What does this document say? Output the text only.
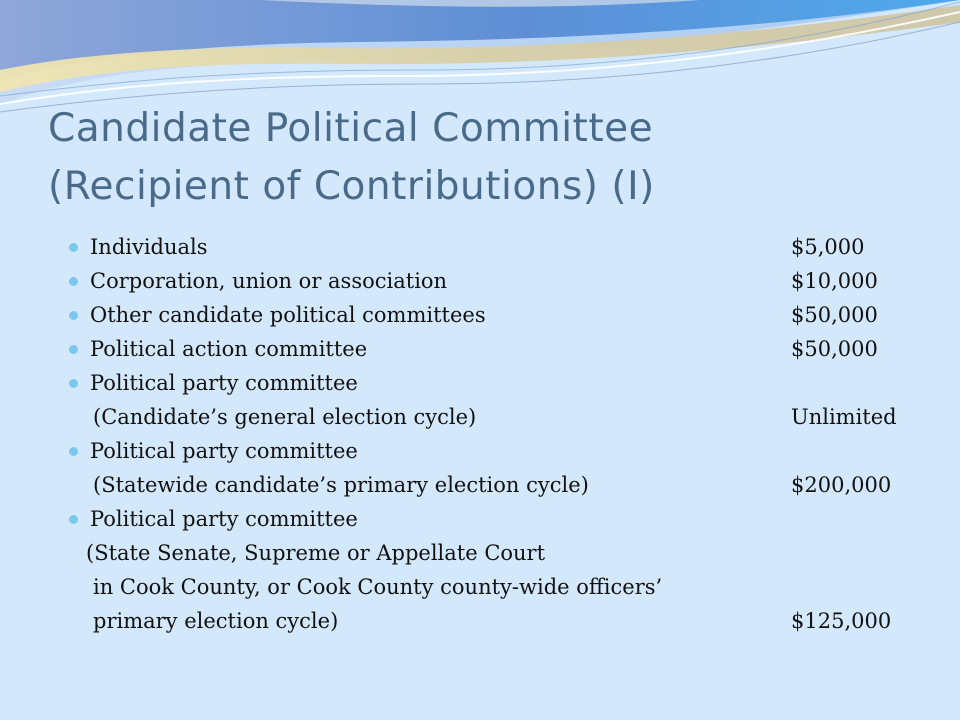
Candidate Political Committee
(Recipient of Contributions) (I)
Individuals	$5,000
Corporation, union or association	$10,000
Other candidate political committees	$50,000
Political action committee	$50,000
Political party committee
(Candidate’s general election cycle)	Unlimited
Political party committee
(Statewide candidate’s primary election cycle)	$200,000
Political party committee
(State Senate, Supreme or Appellate Court
in Cook County, or Cook County county-wide officers’
primary election cycle)	$125,000
